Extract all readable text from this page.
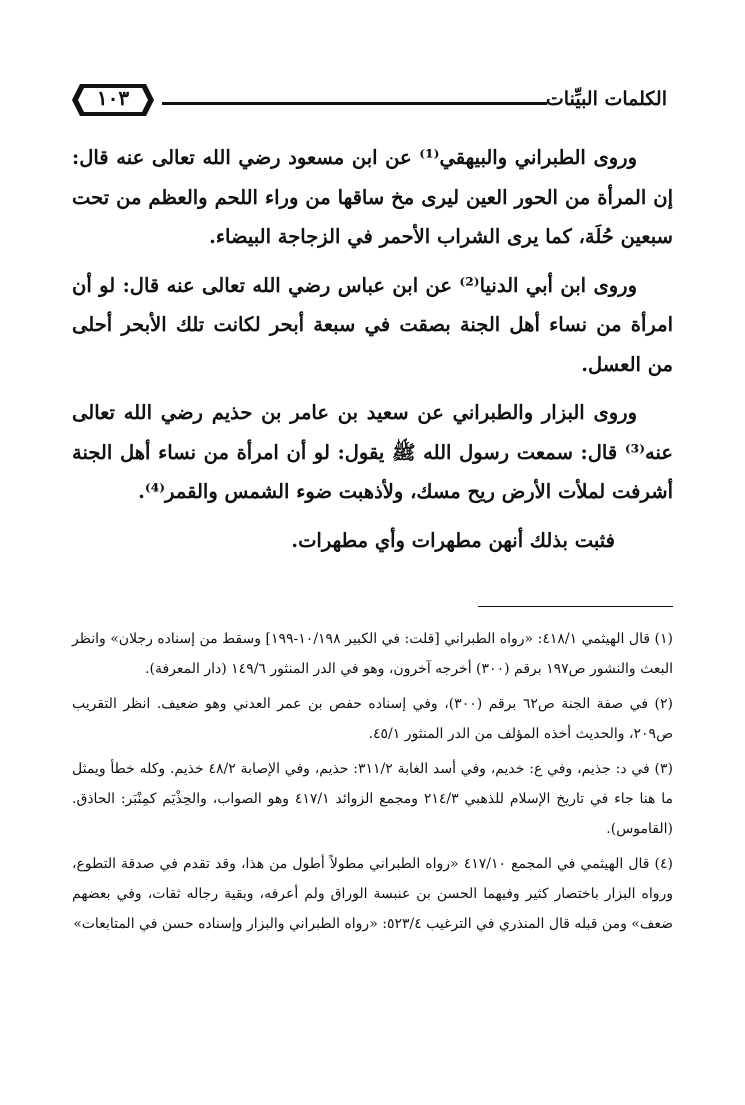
الكلمات البيِّنات
١٠٣

وروى الطبراني والبيهقي⁽¹⁾ عن ابن مسعود رضي الله تعالى عنه قال: إن المرأة من الحور العين ليرى مخ ساقها من وراء اللحم والعظم من تحت سبعين حُلَة، كما يرى الشراب الأحمر في الزجاجة البيضاء.

وروى ابن أبي الدنيا⁽²⁾ عن ابن عباس رضي الله تعالى عنه قال: لو أن امرأة من نساء أهل الجنة بصقت في سبعة أبحر لكانت تلك الأبحر أحلى من العسل.

وروى البزار والطبراني عن سعيد بن عامر بن حذيم رضي الله تعالى عنه⁽³⁾ قال: سمعت رسول الله ﷺ يقول: لو أن امرأة من نساء أهل الجنة أشرفت لملأت الأرض ريح مسك، ولأذهبت ضوء الشمس والقمر⁽⁴⁾.

فثبت بذلك أنهن مطهرات وأي مطهرات.

(١) قال الهيثمي ٤١٨/١: «رواه الطبراني [قلت: في الكبير ١٠/١٩٨-١٩٩] وسقط من إسناده رجلان» وانظر البعث والنشور ص١٩٧ برقم (٣٠٠) أخرجه آخرون، وهو في الدر المنثور ١٤٩/٦ (دار المعرفة).

(٢) في صفة الجنة ص٦٢ برقم (٣٠٠)، وفي إسناده حفص بن عمر العدني وهو ضعيف. انظر التقريب ص٢٠٩، والحديث أخذه المؤلف من الدر المنثور ٤٥/١.

(٣) في د: جذيم، وفي ع: خديم، وفي أسد الغابة ٣١١/٢: حذيم، وفي الإصابة ٤٨/٢ خذيم. وكله خطأ ويمثل ما هنا جاء في تاريخ الإسلام للذهبي ٢١٤/٣ ومجمع الزوائد ٤١٧/١ وهو الصواب، والحِذْيَم كمِنْبَر: الحاذق. (القاموس).

(٤) قال الهيثمي في المجمع ٤١٧/١٠ «رواه الطبراني مطولاً أطول من هذا، وقد تقدم في صدقة التطوع، ورواه البزار باختصار كثير وفيهما الحسن بن عنبسة الوراق ولم أعرفه، وبقية رجاله ثقات، وفي بعضهم ضعف» ومن قبله قال المنذري في الترغيب ٥٢٣/٤: «رواه الطبراني والبزار وإسناده حسن في المتابعات»
